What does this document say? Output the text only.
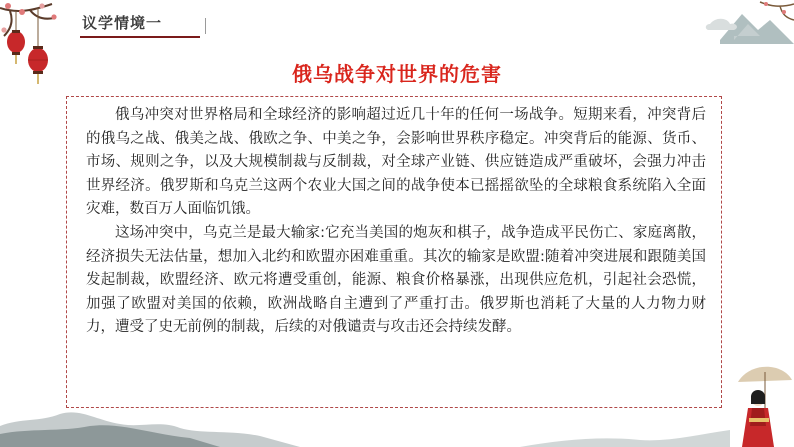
议学情境一
俄乌战争对世界的危害

俄乌冲突对世界格局和全球经济的影响超过近几十年的任何一场战争。短期来看，冲突背后的俄乌之战、俄美之战、俄欧之争、中美之争，会影响世界秩序稳定。冲突背后的能源、货币、市场、规则之争，以及大规模制裁与反制裁，对全球产业链、供应链造成严重破坏，会强力冲击世界经济。俄罗斯和乌克兰这两个农业大国之间的战争使本已摇摇欲坠的全球粮食系统陷入全面灾难，数百万人面临饥饿。

这场冲突中，乌克兰是最大输家:它充当美国的炮灰和棋子，战争造成平民伤亡、家庭离散，经济损失无法估量，想加入北约和欧盟亦困难重重。其次的输家是欧盟:随着冲突进展和跟随美国发起制裁，欧盟经济、欧元将遭受重创，能源、粮食价格暴涨，出现供应危机，引起社会恐慌，加强了欧盟对美国的依赖，欧洲战略自主遭到了严重打击。俄罗斯也消耗了大量的人力物力财力，遭受了史无前例的制裁，后续的对俄谴责与攻击还会持续发酵。
